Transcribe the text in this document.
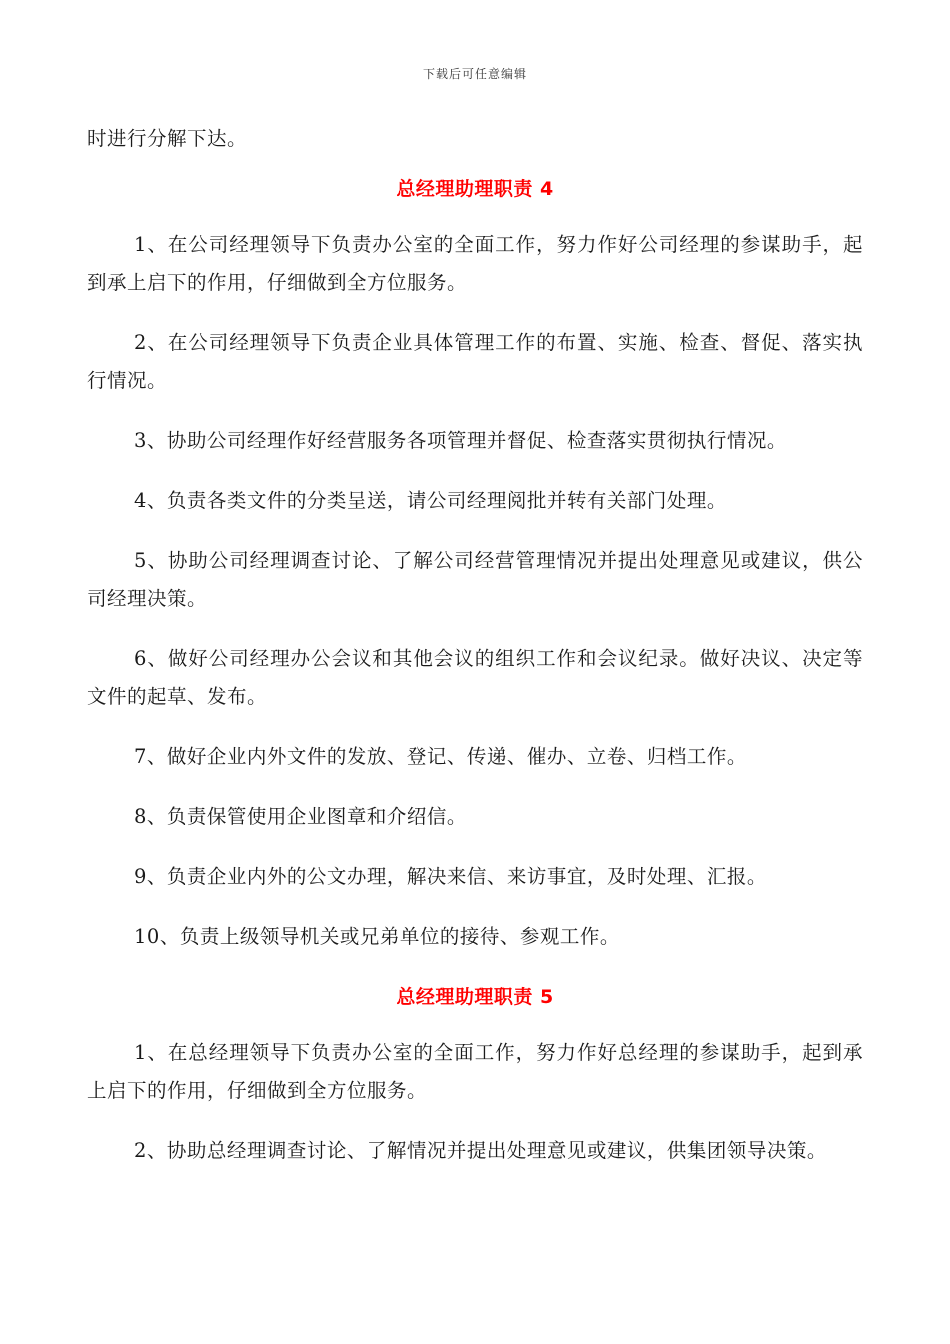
下载后可任意编辑

时进行分解下达。

总经理助理职责 4

1、在公司经理领导下负责办公室的全面工作，努力作好公司经理的参谋助手，起到承上启下的作用，仔细做到全方位服务。

2、在公司经理领导下负责企业具体管理工作的布置、实施、检查、督促、落实执行情况。

3、协助公司经理作好经营服务各项管理并督促、检查落实贯彻执行情况。

4、负责各类文件的分类呈送，请公司经理阅批并转有关部门处理。

5、协助公司经理调查讨论、了解公司经营管理情况并提出处理意见或建议，供公司经理决策。

6、做好公司经理办公会议和其他会议的组织工作和会议纪录。做好决议、决定等文件的起草、发布。

7、做好企业内外文件的发放、登记、传递、催办、立卷、归档工作。

8、负责保管使用企业图章和介绍信。

9、负责企业内外的公文办理，解决来信、来访事宜，及时处理、汇报。

10、负责上级领导机关或兄弟单位的接待、参观工作。

总经理助理职责 5

1、在总经理领导下负责办公室的全面工作，努力作好总经理的参谋助手，起到承上启下的作用，仔细做到全方位服务。

2、协助总经理调查讨论、了解情况并提出处理意见或建议，供集团领导决策。
